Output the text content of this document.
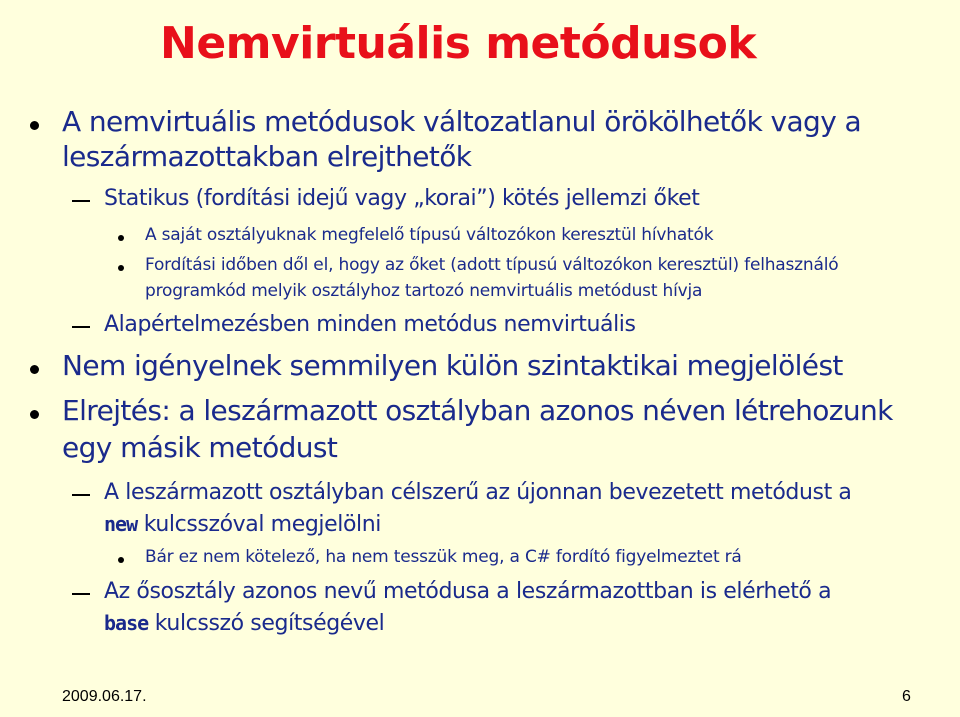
Nemvirtuális metódusok
A nemvirtuális metódusok változatlanul örökölhetők vagy a
leszármazottakban elrejthetők
Statikus (fordítási idejű vagy „korai”) kötés jellemzi őket
A saját osztályuknak megfelelő típusú változókon keresztül hívhatók
Fordítási időben dől el, hogy az őket (adott típusú változókon keresztül) felhasználó
programkód melyik osztályhoz tartozó nemvirtuális metódust hívja
Alapértelmezésben minden metódus nemvirtuális
Nem igényelnek semmilyen külön szintaktikai megjelölést
Elrejtés: a leszármazott osztályban azonos néven létrehozunk
egy másik metódust
A leszármazott osztályban célszerű az újonnan bevezetett metódust a
new kulcsszóval megjelölni
Bár ez nem kötelező, ha nem tesszük meg, a C# fordító figyelmeztet rá
Az ősosztály azonos nevű metódusa a leszármazottban is elérhető a
base kulcsszó segítségével
2009.06.17.	6
